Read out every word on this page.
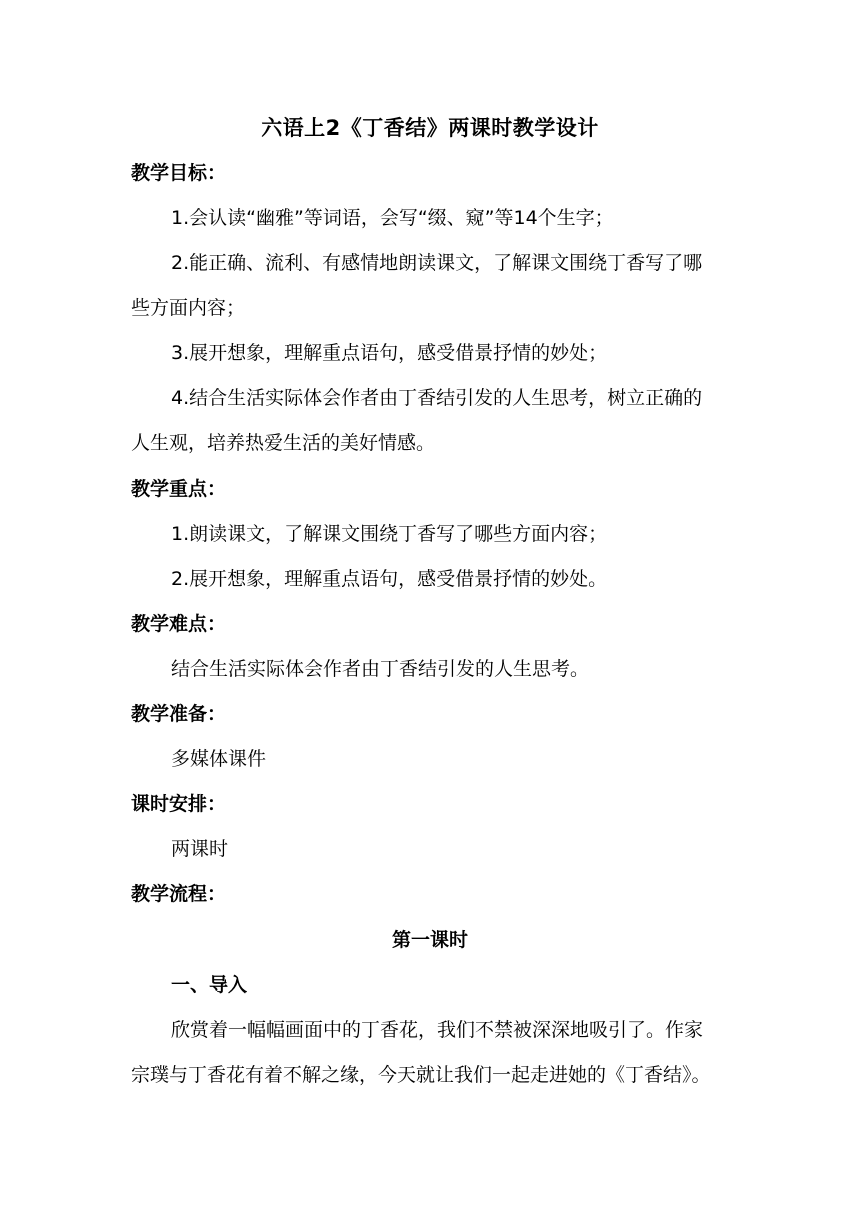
六语上2《丁香结》两课时教学设计
教学目标：
1.会认读“幽雅”等词语，会写“缀、窥”等14个生字；
2.能正确、流利、有感情地朗读课文，了解课文围绕丁香写了哪
些方面内容；
3.展开想象，理解重点语句，感受借景抒情的妙处；
4.结合生活实际体会作者由丁香结引发的人生思考，树立正确的
人生观，培养热爱生活的美好情感。
教学重点：
1.朗读课文，了解课文围绕丁香写了哪些方面内容；
2.展开想象，理解重点语句，感受借景抒情的妙处。
教学难点：
结合生活实际体会作者由丁香结引发的人生思考。
教学准备：
多媒体课件
课时安排：
两课时
教学流程：
第一课时
一、导入
欣赏着一幅幅画面中的丁香花，我们不禁被深深地吸引了。作家
宗璞与丁香花有着不解之缘，今天就让我们一起走进她的《丁香结》。
